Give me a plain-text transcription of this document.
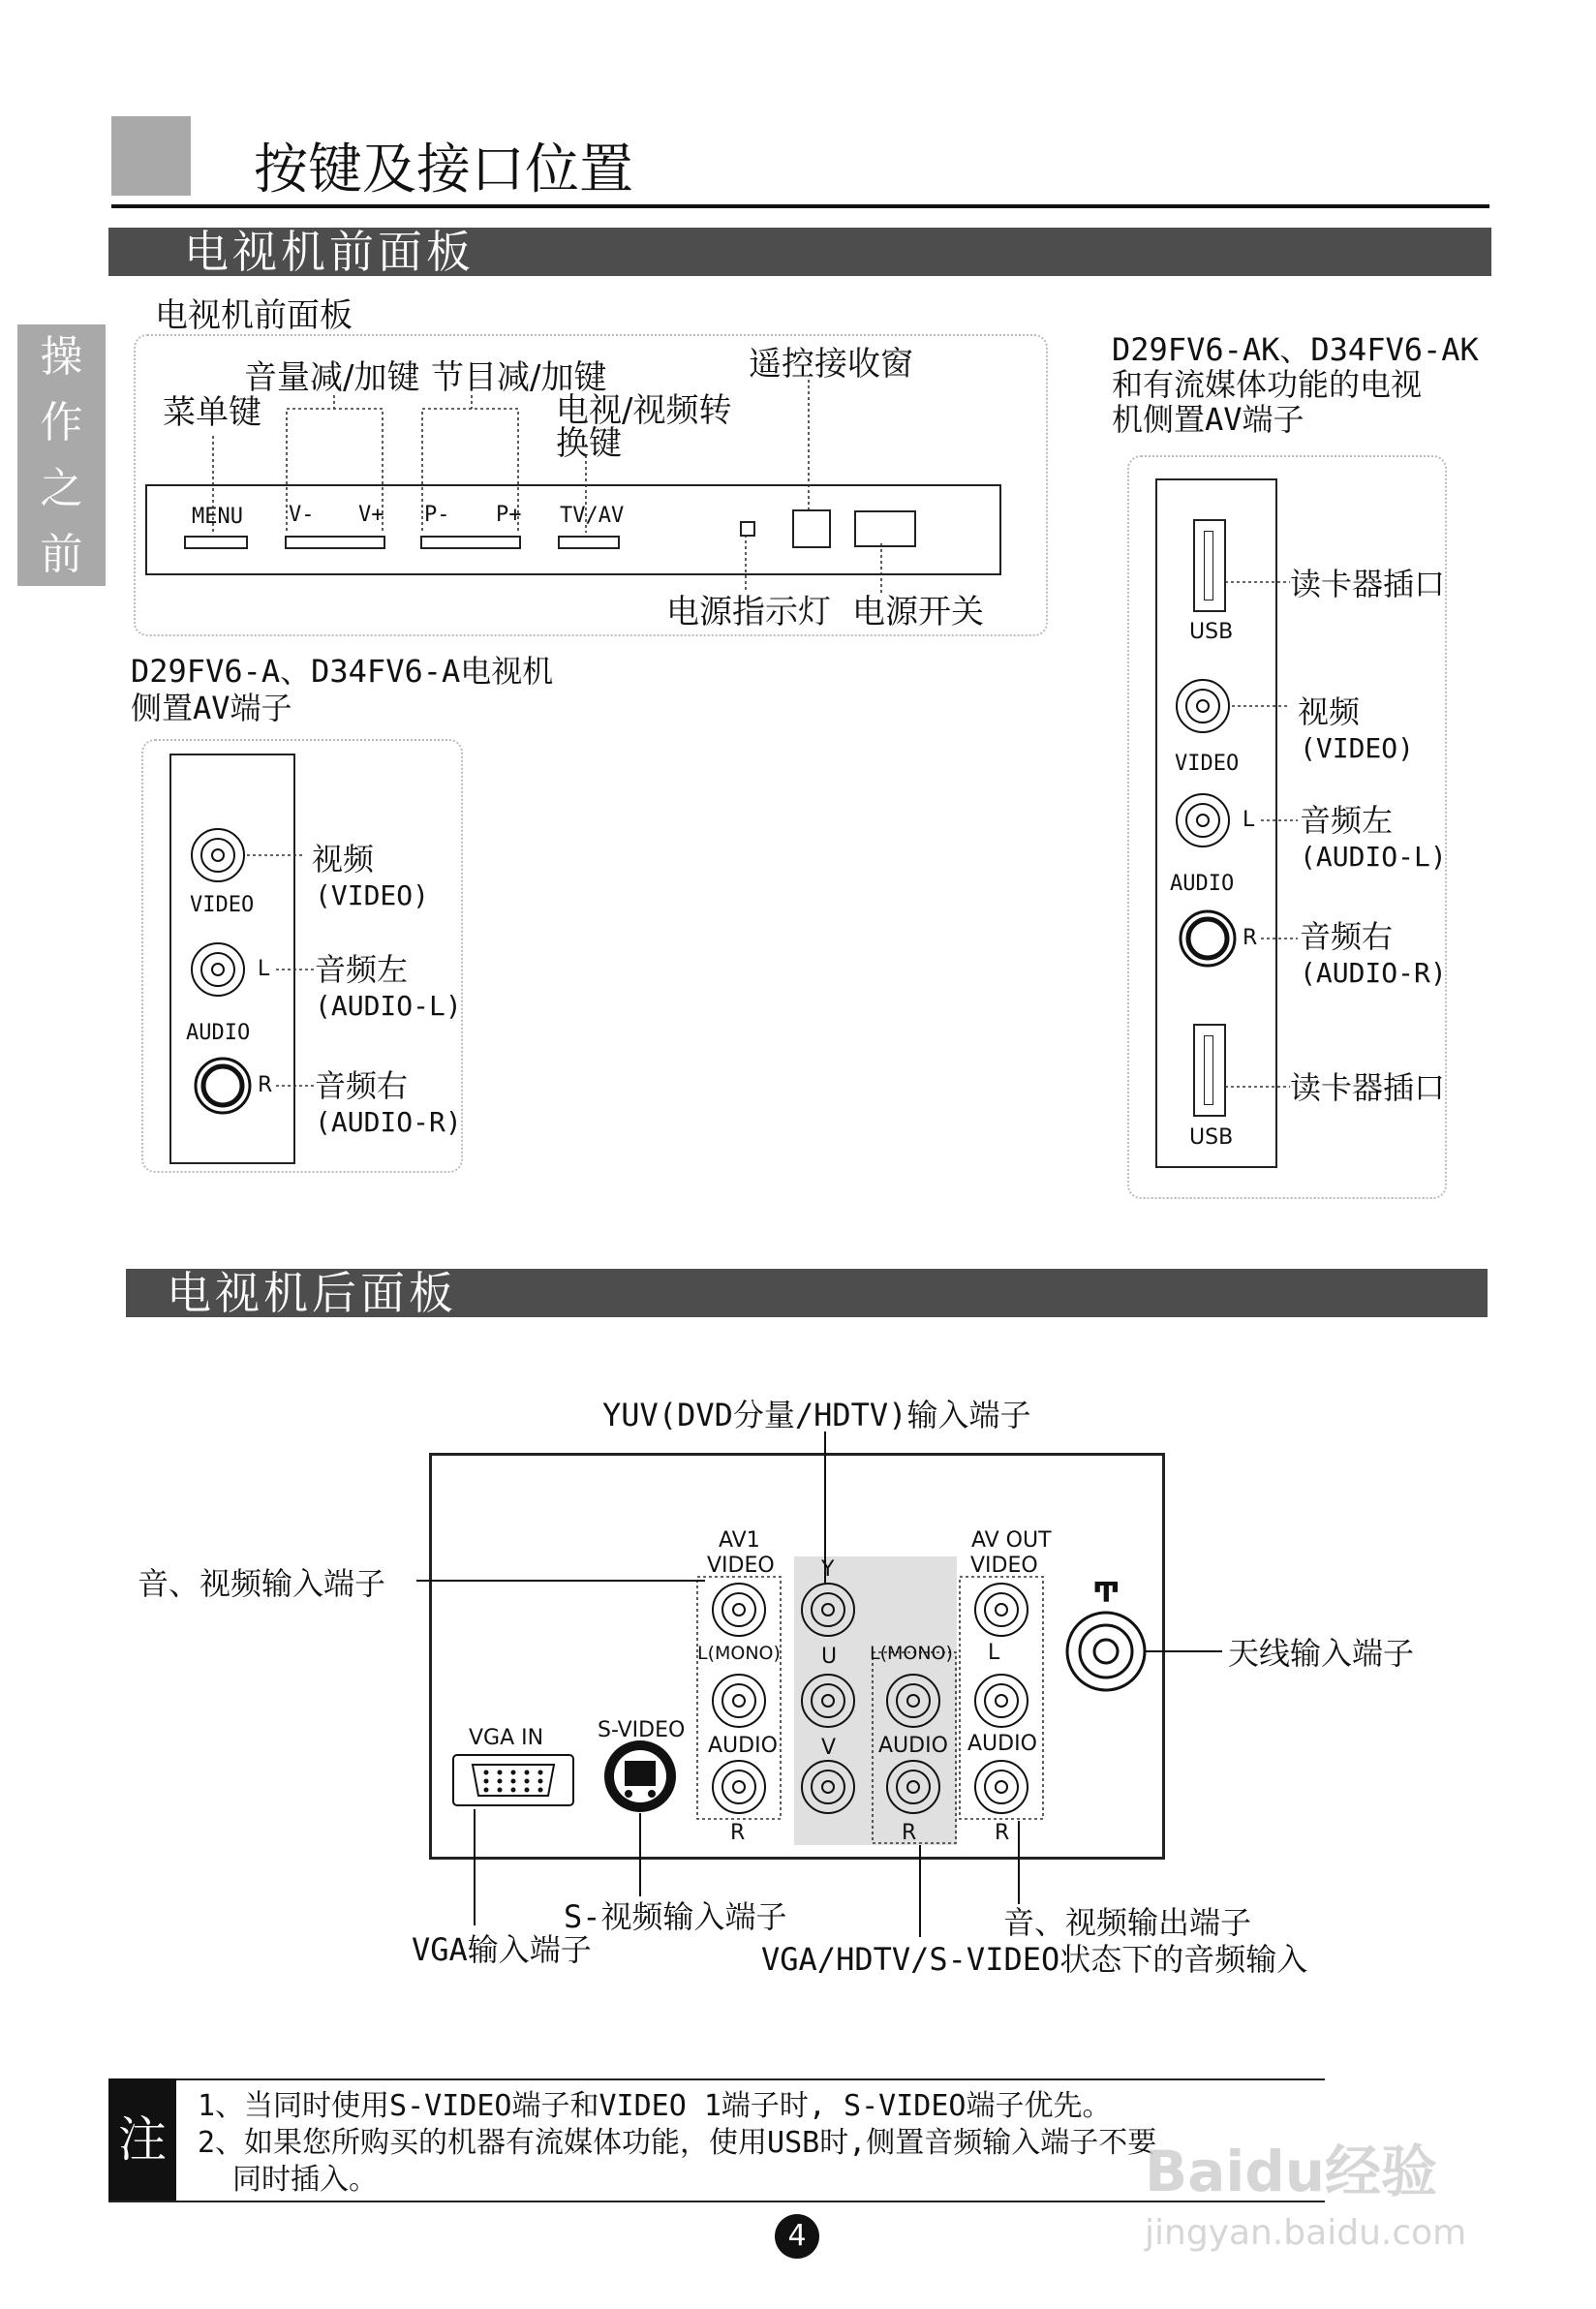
按键及接口位置
操
作
之
前
电视机前面板
电视机前面板
音量减/加键 节目减/加键	遥控接收窗
菜单键	电视/视频转
换键
电源指示灯 电源开关
MENU V- V+ P- P+ TV/AV
D29FV6-A、D34FV6-A电视机
侧置AV端子
VIDEO
L
AUDIO
R
视频
(VIDEO)
音频左
(AUDIO-L)
音频右
(AUDIO-R)
D29FV6-AK、D34FV6-AK
和有流媒体功能的电视
机侧置AV端子
USB
USB
读卡器插口
读卡器插口
VIDEO
L
AUDIO
R
视频
(VIDEO)
音频左
(AUDIO-L)
音频右
(AUDIO-R)
电视机后面板
YUV(DVD分量/HDTV)输入端子
音、视频输入端子
天线输入端子
S-视频输入端子
VGA输入端子
音、视频输出端子
VGA/HDTV/S-VIDEO状态下的音频输入
AV1
VIDEO
L(MONO)
AUDIO
R
Y
U
V
L(MONO)
AUDIO
R
AV OUT
VIDEO
L
AUDIO
R
VGA IN	S-VIDEO
Ͳ
注
1、当同时使用S-VIDEO端子和VIDEO 1端子时, S-VIDEO端子优先。
2、如果您所购买的机器有流媒体功能，使用USB时,侧置音频输入端子不要
同时插入。
4
Baidu经验
jingyan.baidu.com
